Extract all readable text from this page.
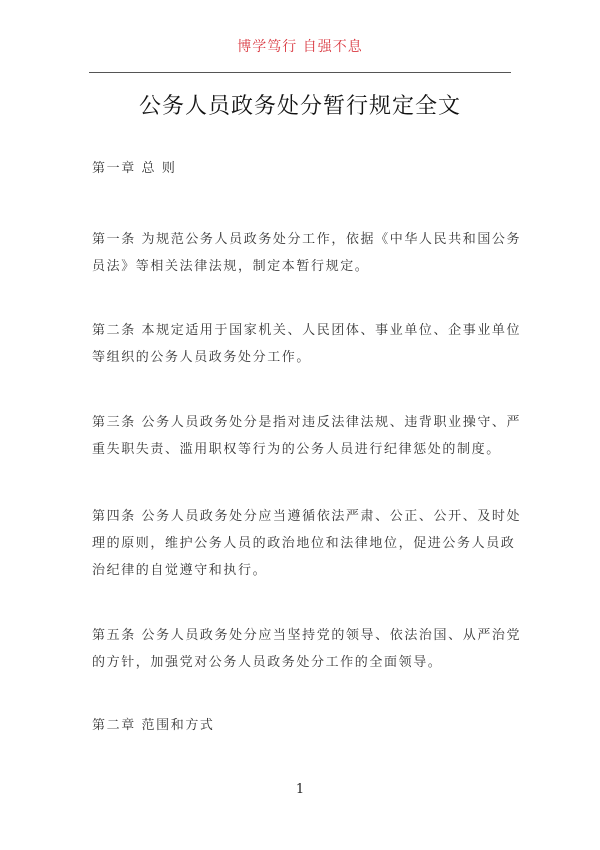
博学笃行 自强不息
公务人员政务处分暂行规定全文
第一章 总 则
第一条 为规范公务人员政务处分工作，依据《中华人民共和国公务
员法》等相关法律法规，制定本暂行规定。
第二条 本规定适用于国家机关、人民团体、事业单位、企事业单位
等组织的公务人员政务处分工作。
第三条 公务人员政务处分是指对违反法律法规、违背职业操守、严
重失职失责、滥用职权等行为的公务人员进行纪律惩处的制度。
第四条 公务人员政务处分应当遵循依法严肃、公正、公开、及时处
理的原则，维护公务人员的政治地位和法律地位，促进公务人员政
治纪律的自觉遵守和执行。
第五条 公务人员政务处分应当坚持党的领导、依法治国、从严治党
的方针，加强党对公务人员政务处分工作的全面领导。
第二章 范围和方式
1
